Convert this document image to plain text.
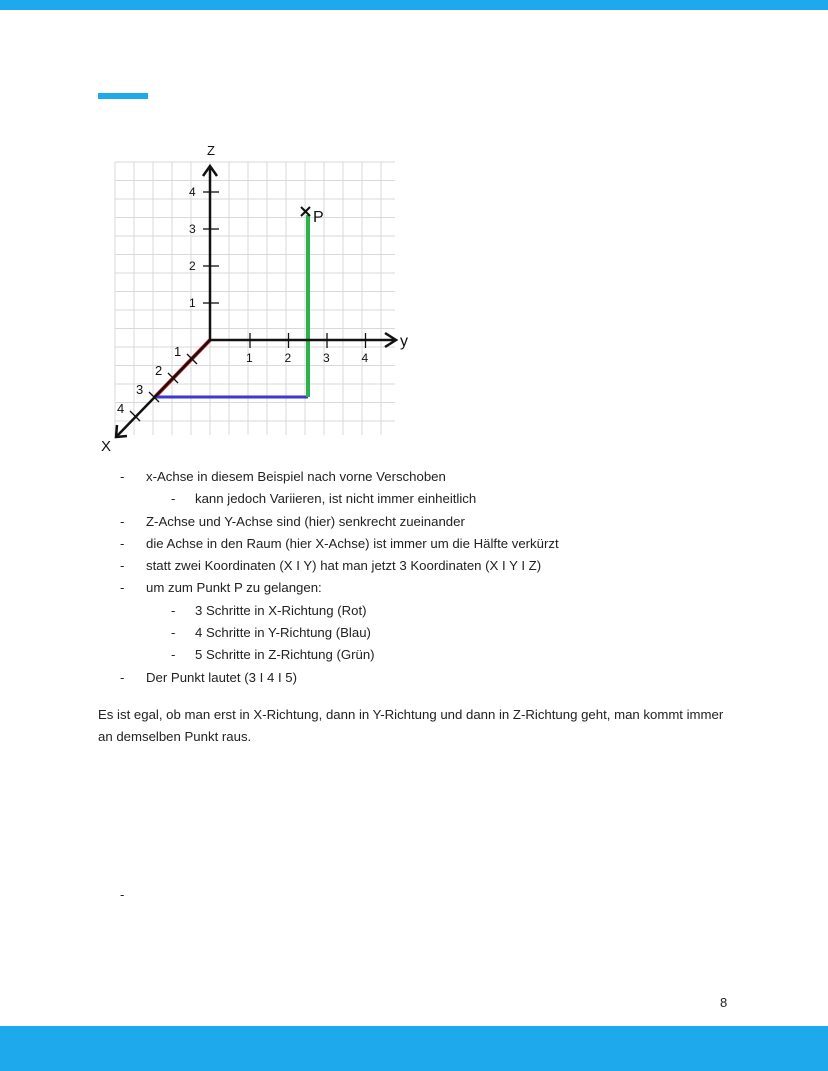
1
2
3
4
1	2	3	4
1
2
3
4
Z
y
X
P
- x-Achse in diesem Beispiel nach vorne Verschoben
- kann jedoch Variieren, ist nicht immer einheitlich
- Z-Achse und Y-Achse sind (hier) senkrecht zueinander
- die Achse in den Raum (hier X-Achse) ist immer um die Hälfte verkürzt
- statt zwei Koordinaten (X I Y) hat man jetzt 3 Koordinaten (X I Y I Z)
- um zum Punkt P zu gelangen:
- 3 Schritte in X-Richtung (Rot)
- 4 Schritte in Y-Richtung (Blau)
- 5 Schritte in Z-Richtung (Grün)
- Der Punkt lautet (3 I 4 I 5)

Es ist egal, ob man erst in X-Richtung, dann in Y-Richtung und dann in Z-Richtung geht, man kommt immer an demselben Punkt raus.

-
8
